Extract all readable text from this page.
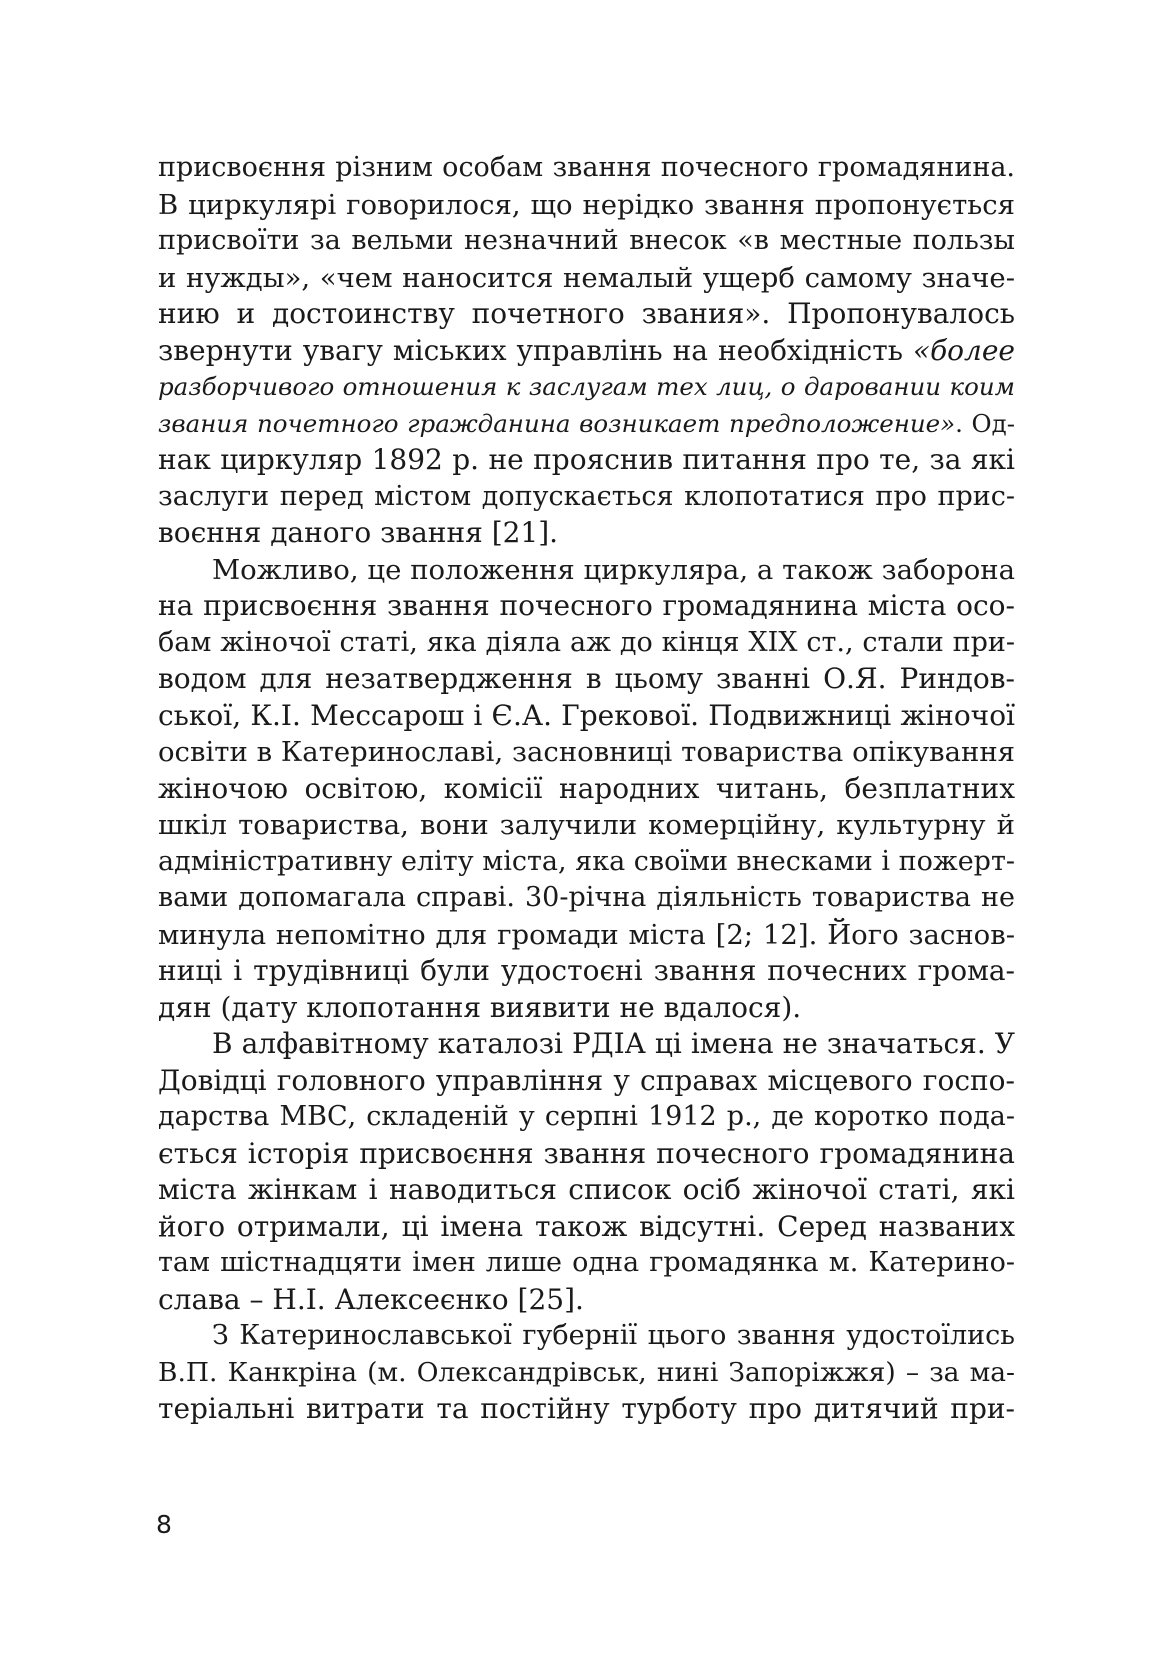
присвоєння різним особам звання почесного громадянина.
В циркулярі говорилося, що нерідко звання пропонується
присвоїти за вельми незначний внесок «в местные пользы
и нужды», «чем наносится немалый ущерб самому значе-
нию и достоинству почетного звания». Пропонувалось
звернути увагу міських управлінь на необхідність «более
разборчивого отношения к заслугам тех лиц, о даровании коим
звания почетного гражданина возникает предположение». Од-
нак циркуляр 1892 р. не прояснив питання про те, за які
заслуги перед містом допускається клопотатися про прис-
воєння даного звання [21].
Можливо, це положення циркуляра, а також заборона
на присвоєння звання почесного громадянина міста осо-
бам жіночої статі, яка діяла аж до кінця ХІХ ст., стали при-
водом для незатвердження в цьому званні О.Я. Риндов-
ської, К.І. Мессарош і Є.А. Грекової. Подвижниці жіночої
освіти в Катеринославі, засновниці товариства опікування
жіночою освітою, комісії народних читань, безплатних
шкіл товариства, вони залучили комерційну, культурну й
адміністративну еліту міста, яка своїми внесками і пожерт-
вами допомагала справі. 30-річна діяльність товариства не
минула непомітно для громади міста [2; 12]. Його заснов-
ниці і трудівниці були удостоєні звання почесних грома-
дян (дату клопотання виявити не вдалося).
В алфавітному каталозі РДІА ці імена не значаться. У
Довідці головного управління у справах місцевого госпо-
дарства МВС, складеній у серпні 1912 р., де коротко пода-
ється історія присвоєння звання почесного громадянина
міста жінкам і наводиться список осіб жіночої статі, які
його отримали, ці імена також відсутні. Серед названих
там шістнадцяти імен лише одна громадянка м. Катерино-
слава – Н.І. Алексеєнко [25].
З Катеринославської губернії цього звання удостоїлись
В.П. Канкріна (м. Олександрівськ, нині Запоріжжя) – за ма-
теріальні витрати та постійну турботу про дитячий при-
8
